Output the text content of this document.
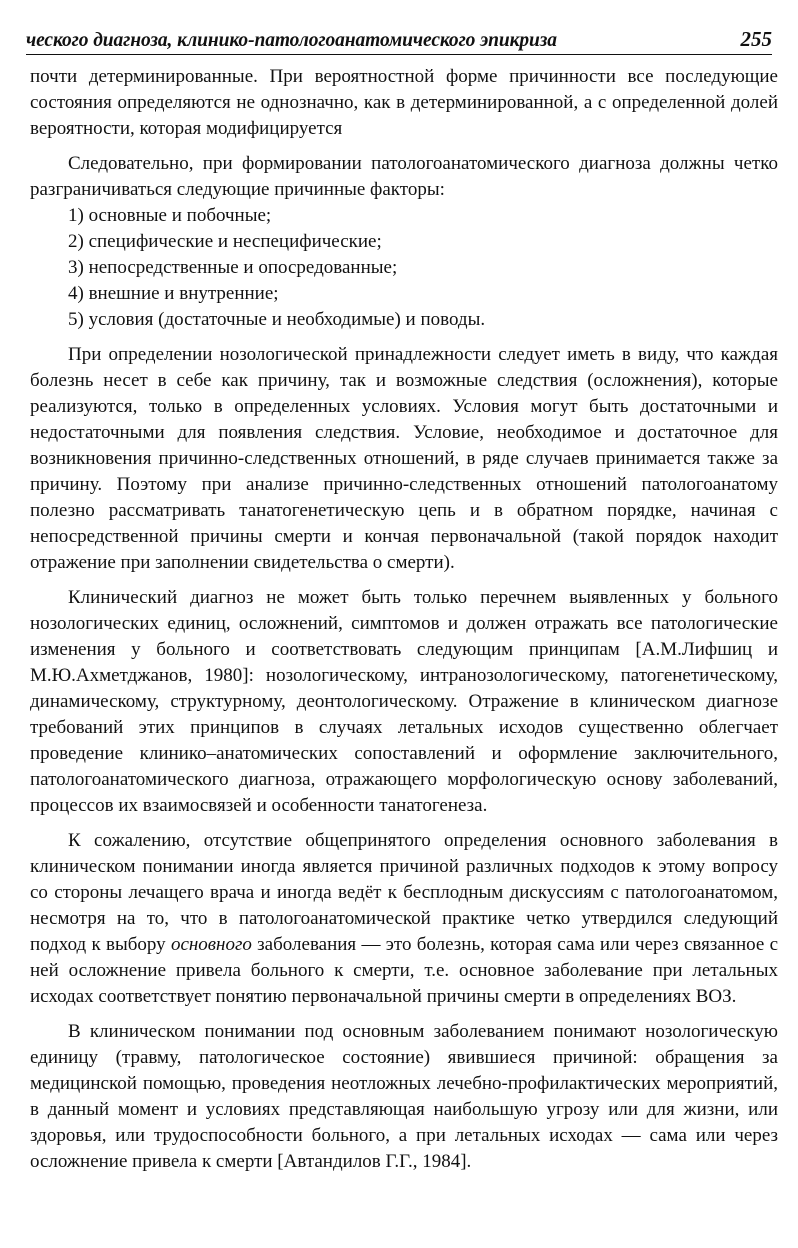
ческого диагноза, клинико-патологоанатомического эпикриза	255

почти детерминированные. При вероятностной форме причинности все последующие состояния определяются не однозначно, как в детерминированной, а с определенной долей вероятности, которая модифицируется

Следовательно, при формировании патологоанатомического диагноза должны четко разграничиваться следующие причинные факторы:

1) основные и побочные;
2) специфические и неспецифические;
3) непосредственные и опосредованные;
4) внешние и внутренние;
5) условия (достаточные и необходимые) и поводы.

При определении нозологической принадлежности следует иметь в виду, что каждая болезнь несет в себе как причину, так и возможные следствия (осложнения), которые реализуются, только в определенных условиях. Условия могут быть достаточными и недостаточными для появления следствия. Условие, необходимое и достаточное для возникновения причинно-следственных отношений, в ряде случаев принимается также за причину. Поэтому при анализе причинно-следственных отношений патологоанатому полезно рассматривать танатогенетическую цепь и в обратном порядке, начиная с непосредственной причины смерти и кончая первоначальной (такой порядок находит отражение при заполнении свидетельства о смерти).

Клинический диагноз не может быть только перечнем выявленных у больного нозологических единиц, осложнений, симптомов и должен отражать все патологические изменения у больного и соответствовать следующим принципам [А.М.Лифшиц и М.Ю.Ахметджанов, 1980]: нозологическому, интранозологическому, патогенетическому, динамическому, структурному, деонтологическому. Отражение в клиническом диагнозе требований этих принципов в случаях летальных исходов существенно облегчает проведение клинико–анатомических сопоставлений и оформление заключительного, патологоанатомического диагноза, отражающего морфологическую основу заболеваний, процессов их взаимосвязей и особенности танатогенеза.

К сожалению, отсутствие общепринятого определения основного заболевания в клиническом понимании иногда является причиной различных подходов к этому вопросу со стороны лечащего врача и иногда ведёт к бесплодным дискуссиям с патологоанатомом, несмотря на то, что в патологоанатомической практике четко утвердился следующий подход к выбору основного заболевания — это болезнь, которая сама или через связанное с ней осложнение привела больного к смерти, т.е. основное заболевание при летальных исходах соответствует понятию первоначальной причины смерти в определениях ВОЗ.

В клиническом понимании под основным заболеванием понимают нозологическую единицу (травму, патологическое состояние) явившиеся причиной: обращения за медицинской помощью, проведения неотложных лечебно-профилактических мероприятий, в данный момент и условиях представляющая наибольшую угрозу или для жизни, или здоровья, или трудоспособности больного, а при летальных исходах — сама или через осложнение привела к смерти [Автандилов Г.Г., 1984].
